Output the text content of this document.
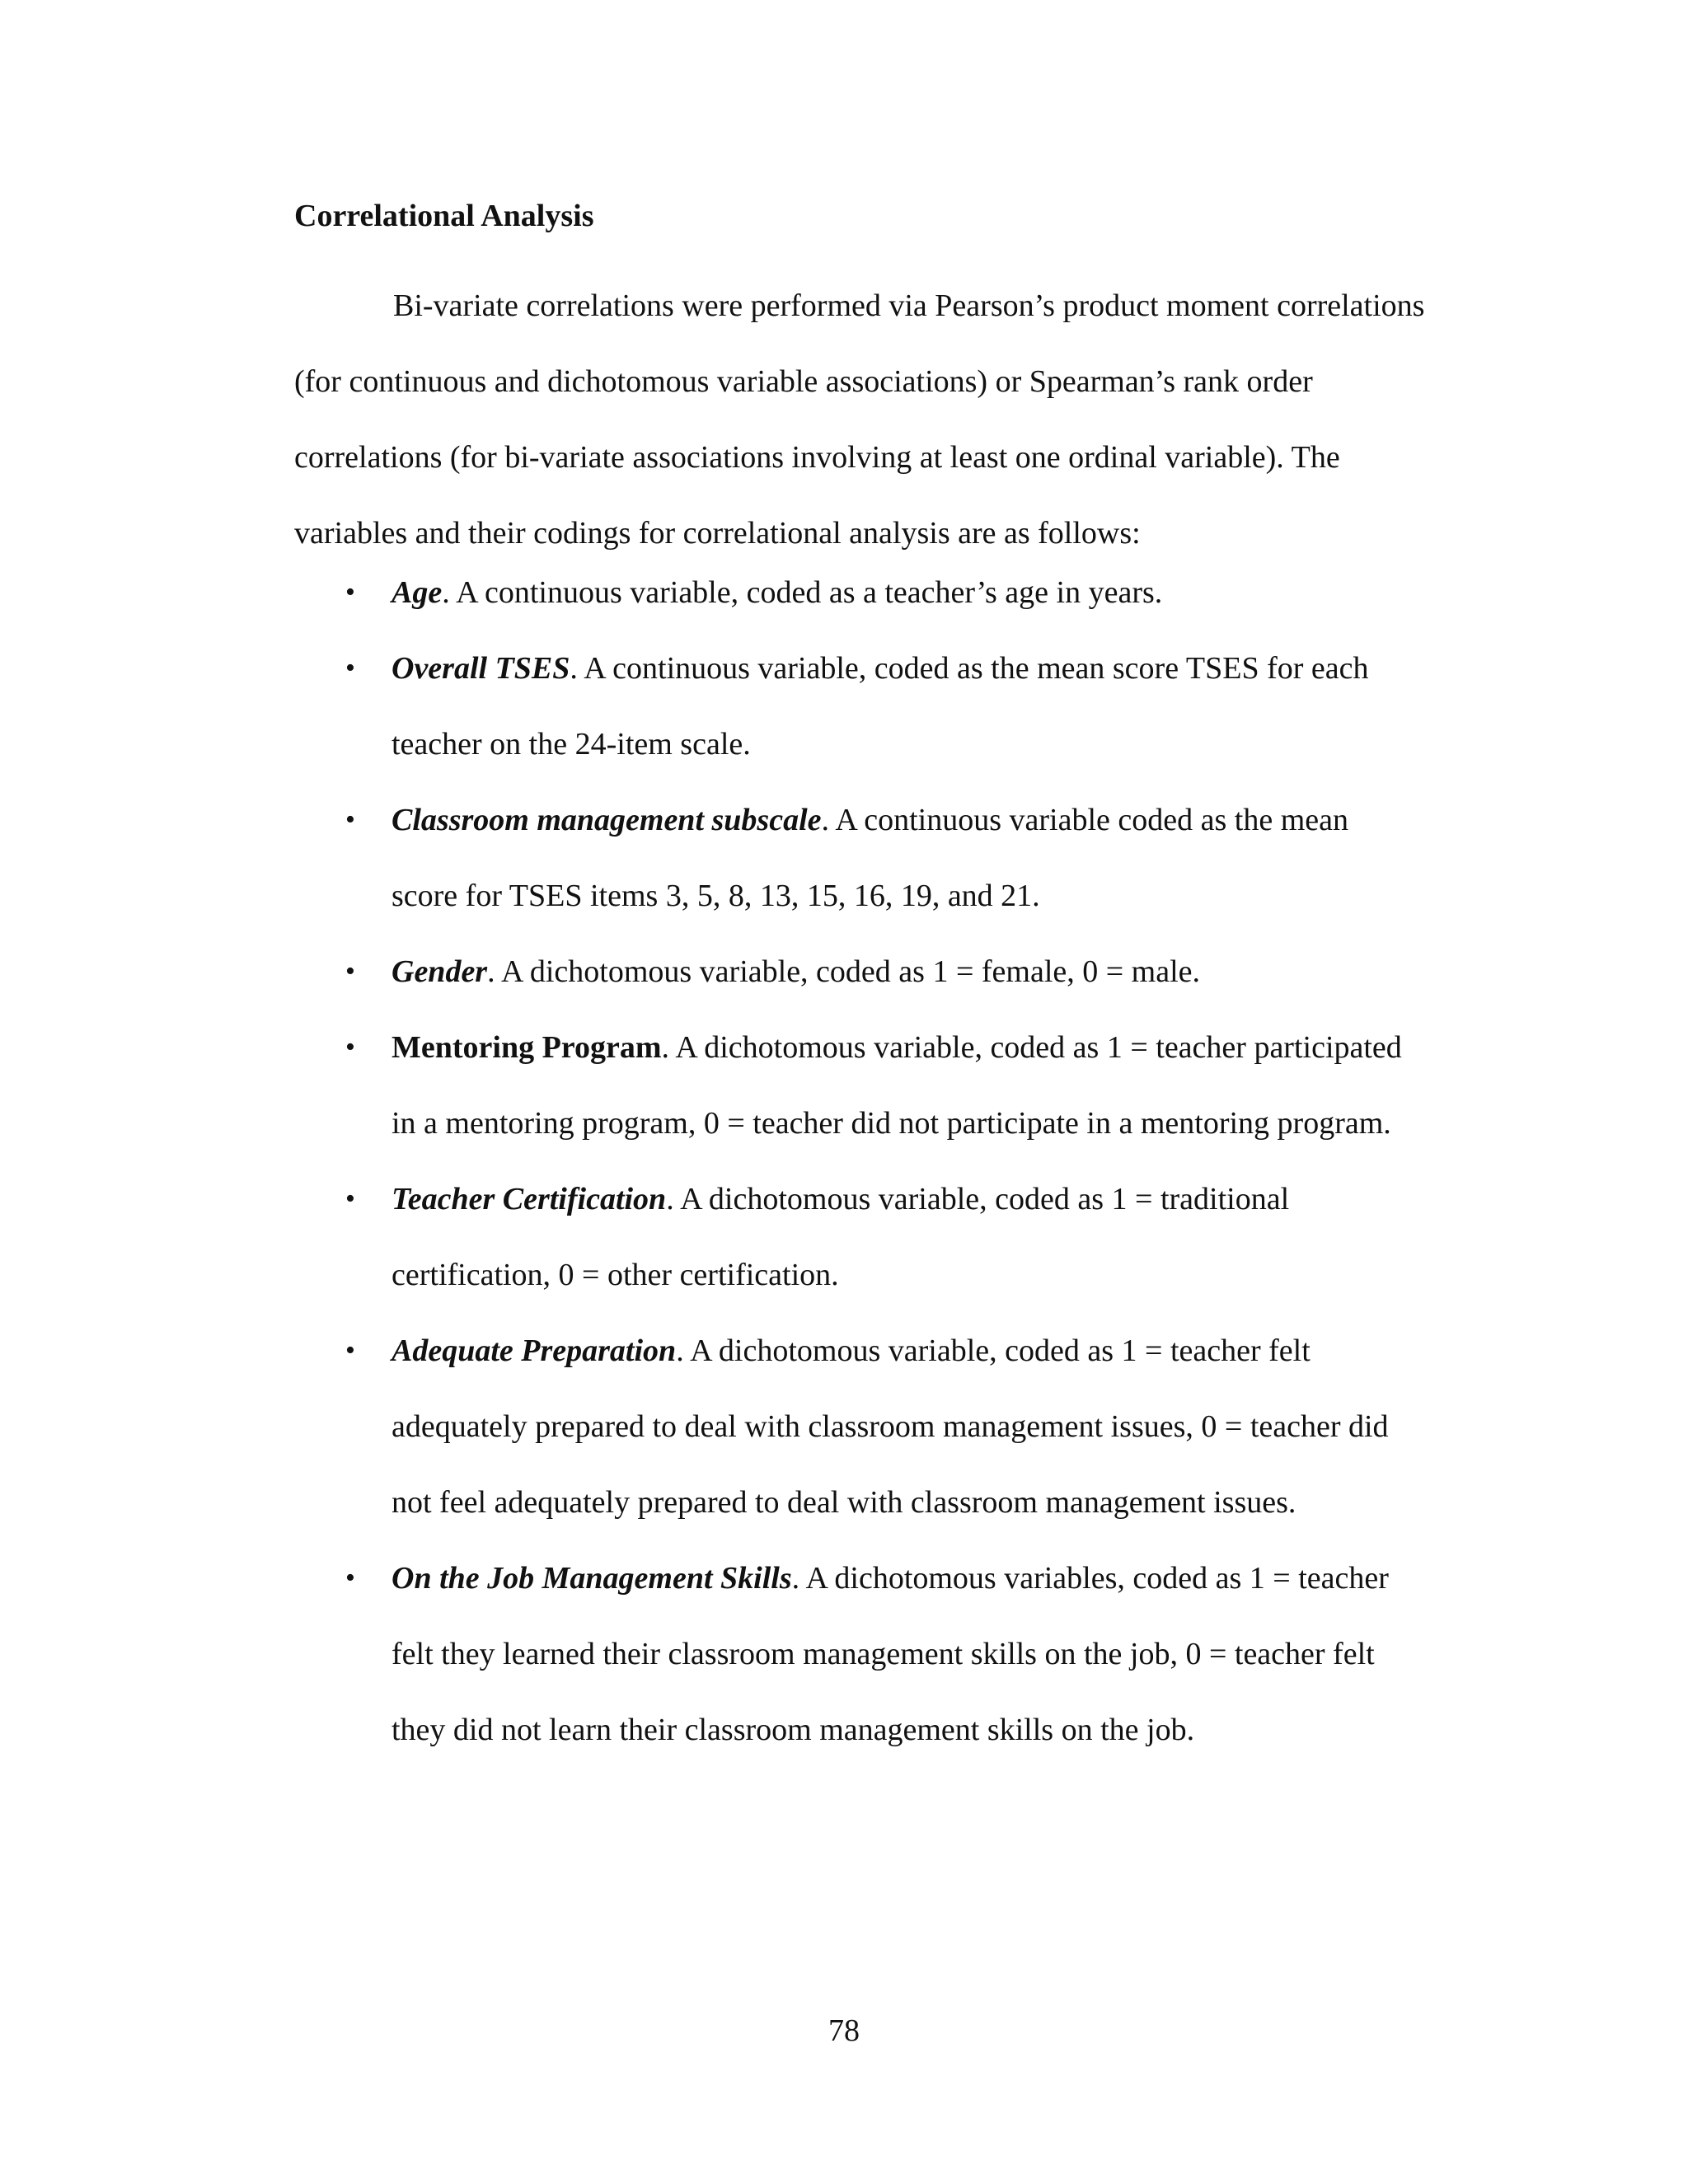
Correlational Analysis
Bi-variate correlations were performed via Pearson’s product moment correlations
(for continuous and dichotomous variable associations) or Spearman’s rank order
correlations (for bi-variate associations involving at least one ordinal variable). The
variables and their codings for correlational analysis are as follows:
• Age. A continuous variable, coded as a teacher’s age in years.
• Overall TSES. A continuous variable, coded as the mean score TSES for each
teacher on the 24-item scale.
• Classroom management subscale. A continuous variable coded as the mean
score for TSES items 3, 5, 8, 13, 15, 16, 19, and 21.
• Gender. A dichotomous variable, coded as 1 = female, 0 = male.
• Mentoring Program. A dichotomous variable, coded as 1 = teacher participated
in a mentoring program, 0 = teacher did not participate in a mentoring program.
• Teacher Certification. A dichotomous variable, coded as 1 = traditional
certification, 0 = other certification.
• Adequate Preparation. A dichotomous variable, coded as 1 = teacher felt
adequately prepared to deal with classroom management issues, 0 = teacher did
not feel adequately prepared to deal with classroom management issues.
• On the Job Management Skills. A dichotomous variables, coded as 1 = teacher
felt they learned their classroom management skills on the job, 0 = teacher felt
they did not learn their classroom management skills on the job.
78
